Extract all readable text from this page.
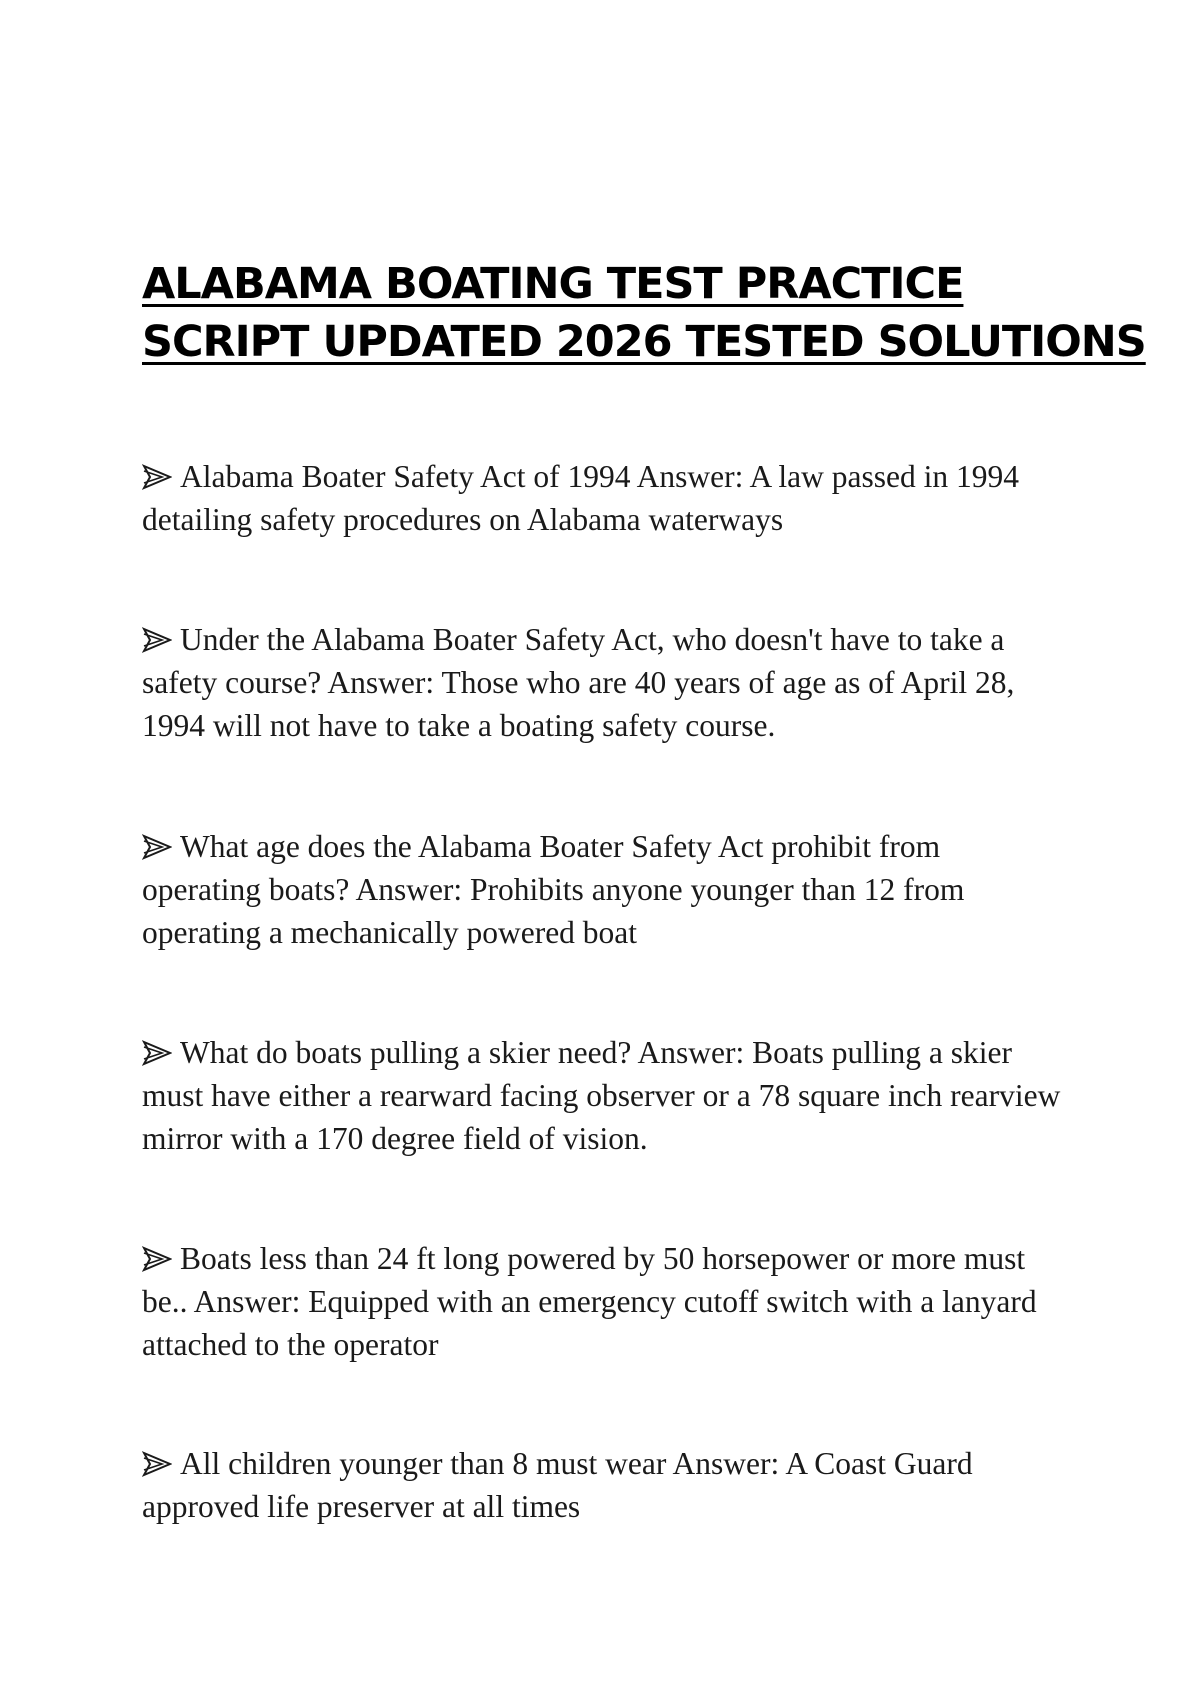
ALABAMA BOATING TEST PRACTICE
SCRIPT UPDATED 2026 TESTED SOLUTIONS

Alabama Boater Safety Act of 1994 Answer: A law passed in 1994
detailing safety procedures on Alabama waterways

Under the Alabama Boater Safety Act, who doesn't have to take a
safety course? Answer: Those who are 40 years of age as of April 28,
1994 will not have to take a boating safety course.

What age does the Alabama Boater Safety Act prohibit from
operating boats? Answer: Prohibits anyone younger than 12 from
operating a mechanically powered boat

What do boats pulling a skier need? Answer: Boats pulling a skier
must have either a rearward facing observer or a 78 square inch rearview
mirror with a 170 degree field of vision.

Boats less than 24 ft long powered by 50 horsepower or more must
be.. Answer: Equipped with an emergency cutoff switch with a lanyard
attached to the operator

All children younger than 8 must wear Answer: A Coast Guard
approved life preserver at all times
